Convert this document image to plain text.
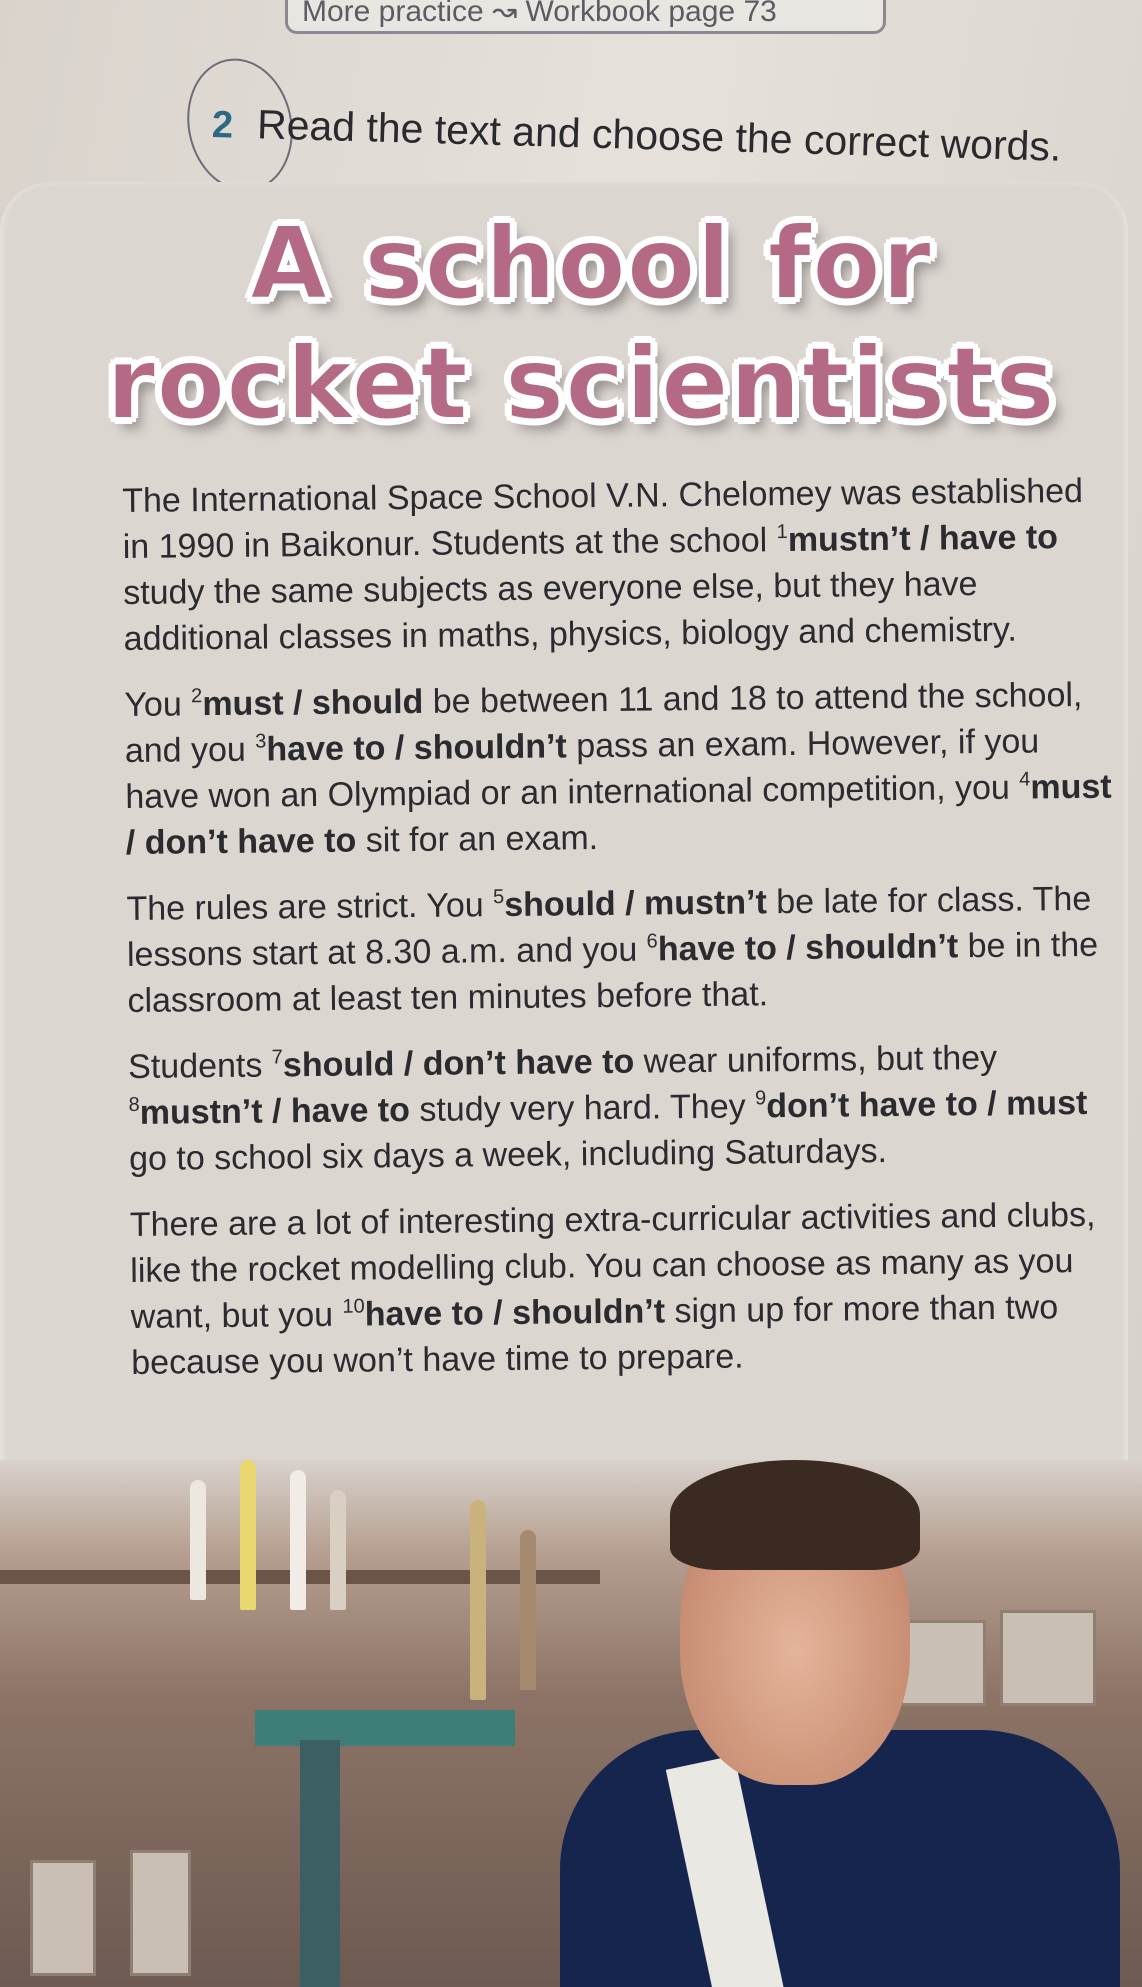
More practice ↝ Workbook page 73
2 Read the text and choose the correct words.
A school for
rocket scientists

The International Space School V.N. Chelomey was established in 1990 in Baikonur. Students at the school $^1$mustn’t / have to study the same subjects as everyone else, but they have additional classes in maths, physics, biology and chemistry.

You $^2$must / should be between 11 and 18 to attend the school, and you $^3$have to / shouldn’t pass an exam. However, if you have won an Olympiad or an international competition, you $^4$must / don’t have to sit for an exam.

The rules are strict. You $^5$should / mustn’t be late for class. The lessons start at 8.30 a.m. and you $^6$have to / shouldn’t be in the classroom at least ten minutes before that.

Students $^7$should / don’t have to wear uniforms, but they $^8$mustn’t / have to study very hard. They $^9$don’t have to / must go to school six days a week, including Saturdays.

There are a lot of interesting extra-curricular activities and clubs, like the rocket modelling club. You can choose as many as you want, but you $^{10}$have to / shouldn’t sign up for more than two because you won’t have time to prepare.
